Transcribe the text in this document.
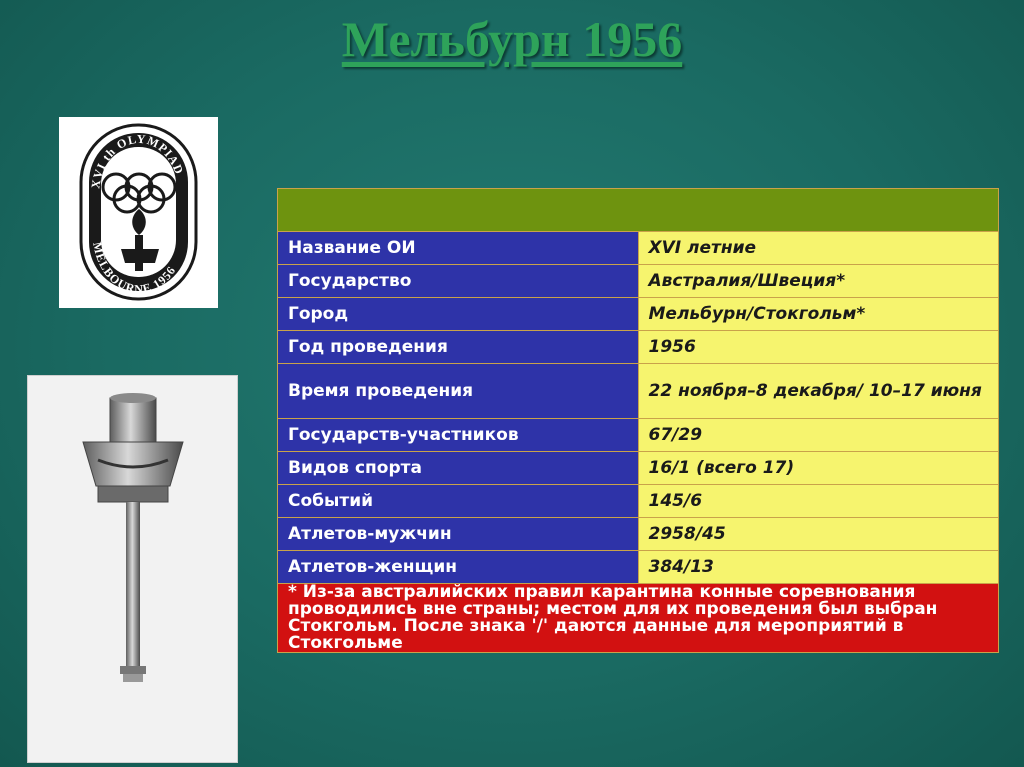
Мельбурн 1956
XVI th OLYMPIAD
MELBOURNE 1956

Название ОИ	XVI летние
Государство	Австралия/Швеция*
Город	Мельбурн/Стокгольм*
Год проведения	1956
Время проведения	22 ноября–8 декабря/ 10–17 июня
Государств-участников	67/29
Видов спорта	16/1 (всего 17)
Событий	145/6
Атлетов-мужчин	2958/45
Атлетов-женщин	384/13
* Из-за австралийских правил карантина конные соревнования проводились вне страны; местом для их проведения был выбран Стокгольм. После знака '/' даются данные для мероприятий в Стокгольме	
